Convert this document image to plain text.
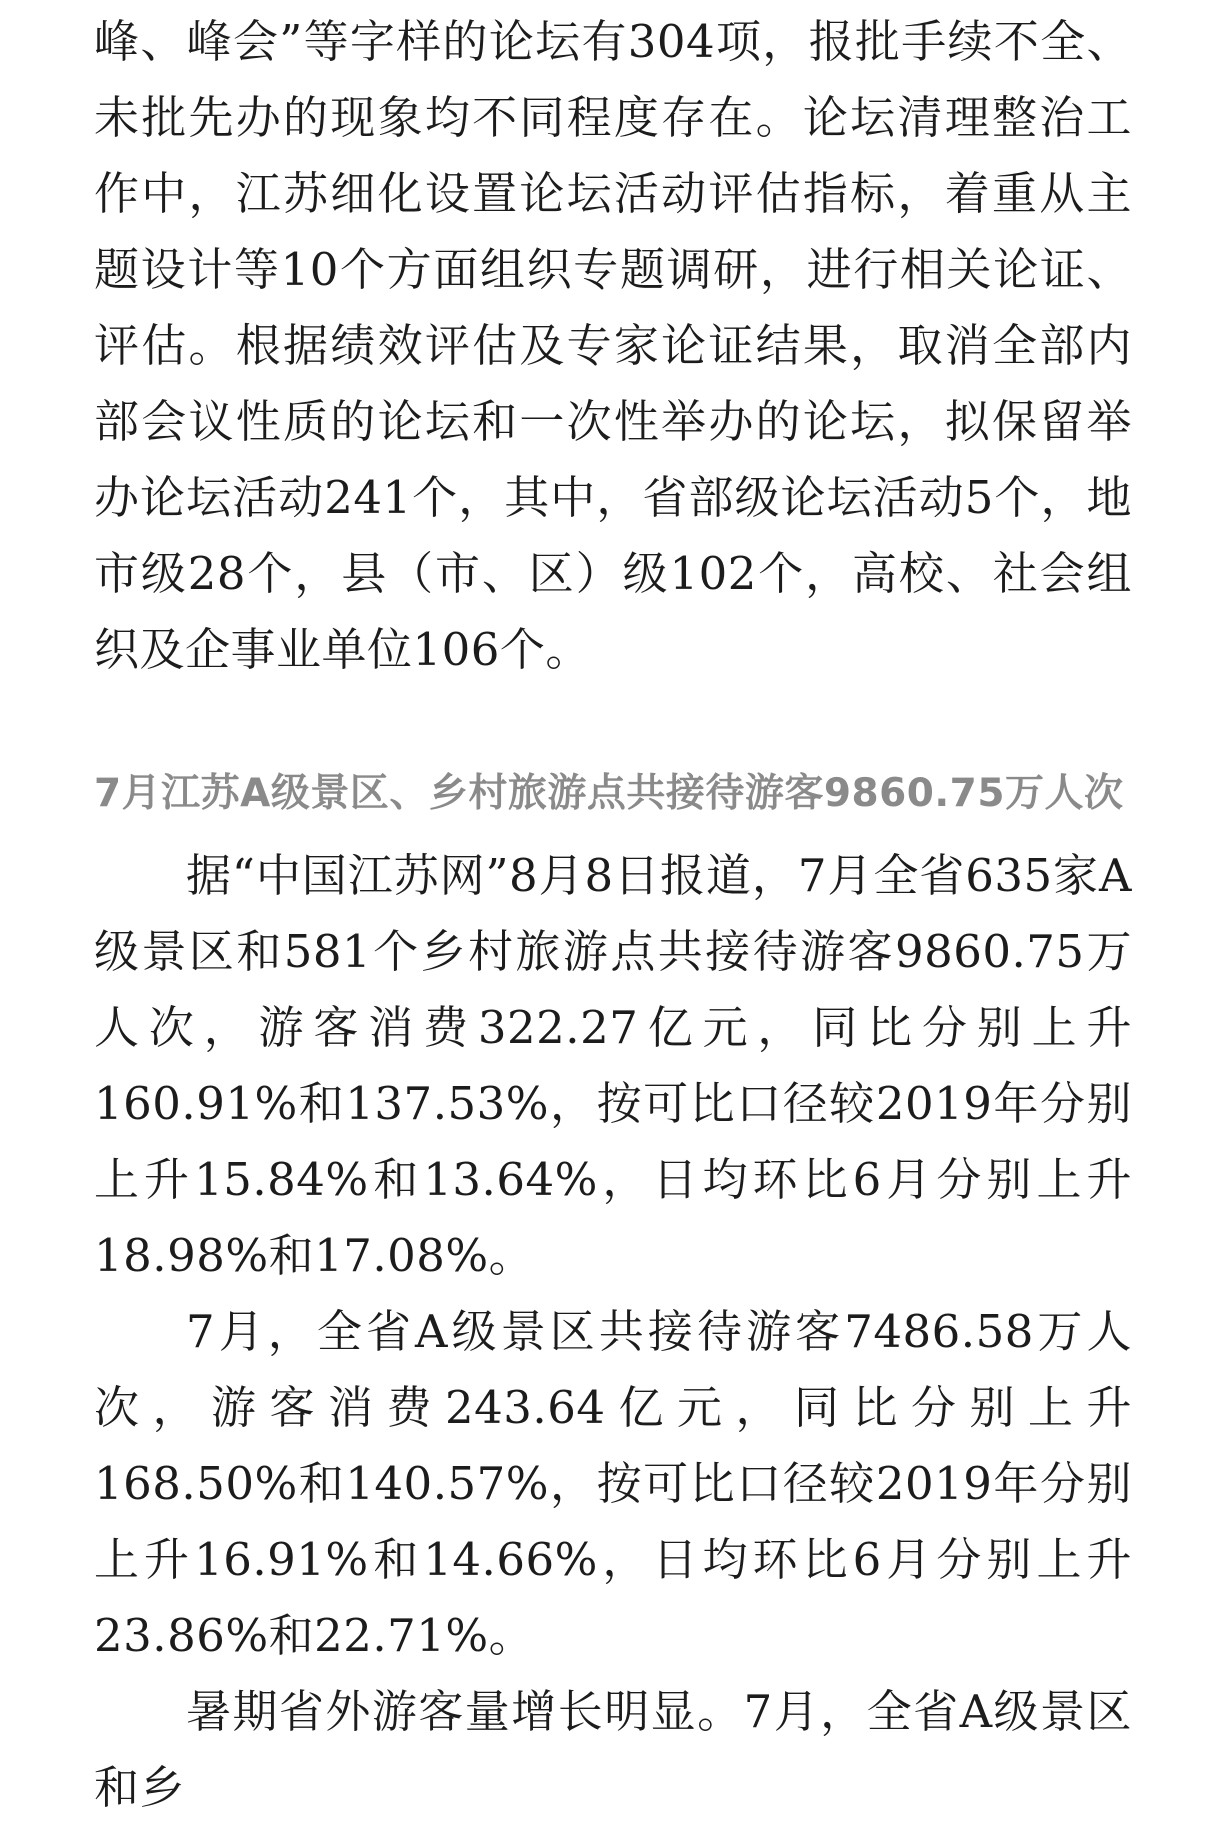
峰、峰会”等字样的论坛有304项，报批手续不全、未批先办的现象均不同程度存在。论坛清理整治工作中，江苏细化设置论坛活动评估指标，着重从主题设计等10个方面组织专题调研，进行相关论证、评估。根据绩效评估及专家论证结果，取消全部内部会议性质的论坛和一次性举办的论坛，拟保留举办论坛活动241个，其中，省部级论坛活动5个，地市级28个，县（市、区）级102个，高校、社会组织及企事业单位106个。

7月江苏A级景区、乡村旅游点共接待游客9860.75万人次

据“中国江苏网”8月8日报道，7月全省635家A级景区和581个乡村旅游点共接待游客9860.75万人次，游客消费322.27亿元，同比分别上升160.91%和137.53%，按可比口径较2019年分别上升15.84%和13.64%，日均环比6月分别上升18.98%和17.08%。

7月，全省A级景区共接待游客7486.58万人次，游客消费243.64亿元，同比分别上升168.50%和140.57%，按可比口径较2019年分别上升16.91%和14.66%，日均环比6月分别上升23.86%和22.71%。

暑期省外游客量增长明显。7月，全省A级景区和乡
